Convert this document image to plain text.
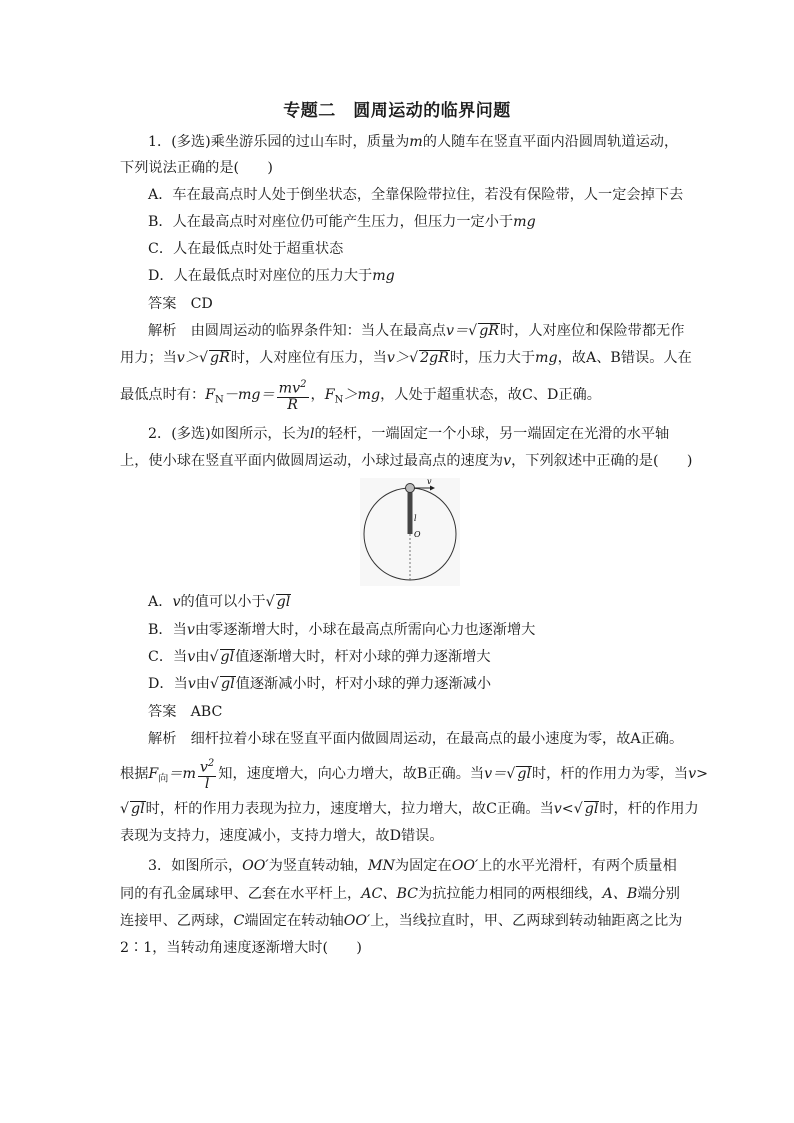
专题二　圆周运动的临界问题
1．(多选)乘坐游乐园的过山车时，质量为m的人随车在竖直平面内沿圆周轨道运动，
下列说法正确的是(　　)
A．车在最高点时人处于倒坐状态，全靠保险带拉住，若没有保险带，人一定会掉下去
B．人在最高点时对座位仍可能产生压力，但压力一定小于mg
C．人在最低点时处于超重状态
D．人在最低点时对座位的压力大于mg
答案　CD
解析　由圆周运动的临界条件知：当人在最高点v＝√ gR时，人对座位和保险带都无作
用力；当v＞√ gR时，人对座位有压力，当v＞√ 2gR时，压力大于mg，故A、B错误。人在
最低点时有：$F_N-mg= \frac{mv^2}{R}$ ，$F_N>mg$，人处于超重状态，故C、D正确。
2．(多选)如图所示，长为l的轻杆，一端固定一个小球，另一端固定在光滑的水平轴
上，使小球在竖直平面内做圆周运动，小球过最高点的速度为v，下列叙述中正确的是(　　)
v
l
O
A．v的值可以小于√ gl
B．当v由零逐渐增大时，小球在最高点所需向心力也逐渐增大
C．当v由√ gl值逐渐增大时，杆对小球的弹力逐渐增大
D．当v由√ gl值逐渐减小时，杆对小球的弹力逐渐减小
答案　ABC
解析　细杆拉着小球在竖直平面内做圆周运动，在最高点的最小速度为零，故A正确。
根据$F_向=m \frac{v^2}{l}$ 知，速度增大，向心力增大，故B正确。当v＝√ gl时，杆的作用力为零，当v>
√ gl时，杆的作用力表现为拉力，速度增大，拉力增大，故C正确。当v<√ gl时，杆的作用力
表现为支持力，速度减小，支持力增大，故D错误。
3．如图所示，OO′为竖直转动轴，MN为固定在OO′上的水平光滑杆，有两个质量相
同的有孔金属球甲、乙套在水平杆上，AC、BC为抗拉能力相同的两根细线，A、B端分别
连接甲、乙两球，C端固定在转动轴OO′上，当线拉直时，甲、乙两球到转动轴距离之比为
2∶1，当转动角速度逐渐增大时(　　)
